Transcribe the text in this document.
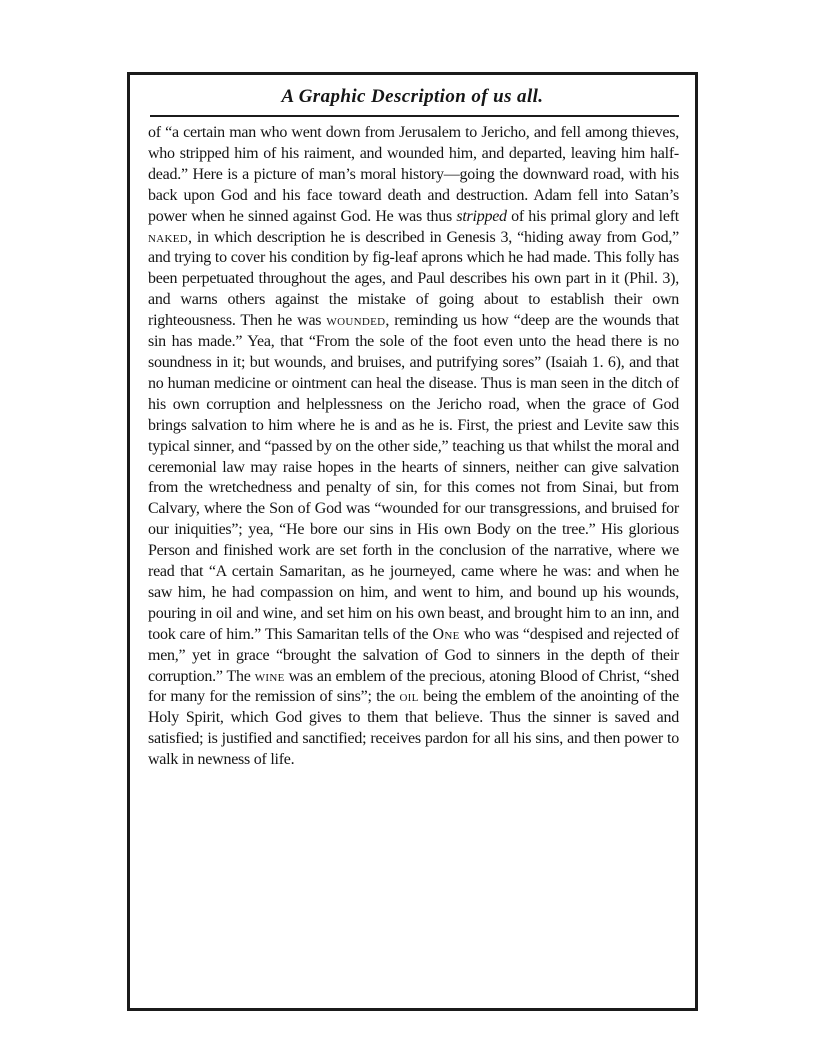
A Graphic Description of us all.

of “a certain man who went down from Jerusalem to Jericho, and fell among thieves, who stripped him of his raiment, and wounded him, and departed, leaving him half-dead.” Here is a picture of man’s moral history—going the downward road, with his back upon God and his face toward death and destruction. Adam fell into Satan’s power when he sinned against God. He was thus stripped of his primal glory and left naked, in which description he is described in Genesis 3, “hiding away from God,” and trying to cover his condition by fig-leaf aprons which he had made. This folly has been perpetuated throughout the ages, and Paul describes his own part in it (Phil. 3), and warns others against the mistake of going about to establish their own righteousness. Then he was wounded, reminding us how “deep are the wounds that sin has made.” Yea, that “From the sole of the foot even unto the head there is no soundness in it; but wounds, and bruises, and putrifying sores” (Isaiah 1. 6), and that no human medicine or ointment can heal the disease. Thus is man seen in the ditch of his own corruption and helplessness on the Jericho road, when the grace of God brings salvation to him where he is and as he is. First, the priest and Levite saw this typical sinner, and “passed by on the other side,” teaching us that whilst the moral and ceremonial law may raise hopes in the hearts of sinners, neither can give salvation from the wretchedness and penalty of sin, for this comes not from Sinai, but from Calvary, where the Son of God was “wounded for our transgressions, and bruised for our iniquities”; yea, “He bore our sins in His own Body on the tree.” His glorious Person and finished work are set forth in the conclusion of the narrative, where we read that “A certain Samaritan, as he journeyed, came where he was: and when he saw him, he had compassion on him, and went to him, and bound up his wounds, pouring in oil and wine, and set him on his own beast, and brought him to an inn, and took care of him.” This Samaritan tells of the One who was “despised and rejected of men,” yet in grace “brought the salvation of God to sinners in the depth of their corruption.” The wine was an emblem of the precious, atoning Blood of Christ, “shed for many for the remission of sins”; the oil being the emblem of the anointing of the Holy Spirit, which God gives to them that believe. Thus the sinner is saved and satisfied; is justified and sanctified; receives pardon for all his sins, and then power to walk in newness of life.
